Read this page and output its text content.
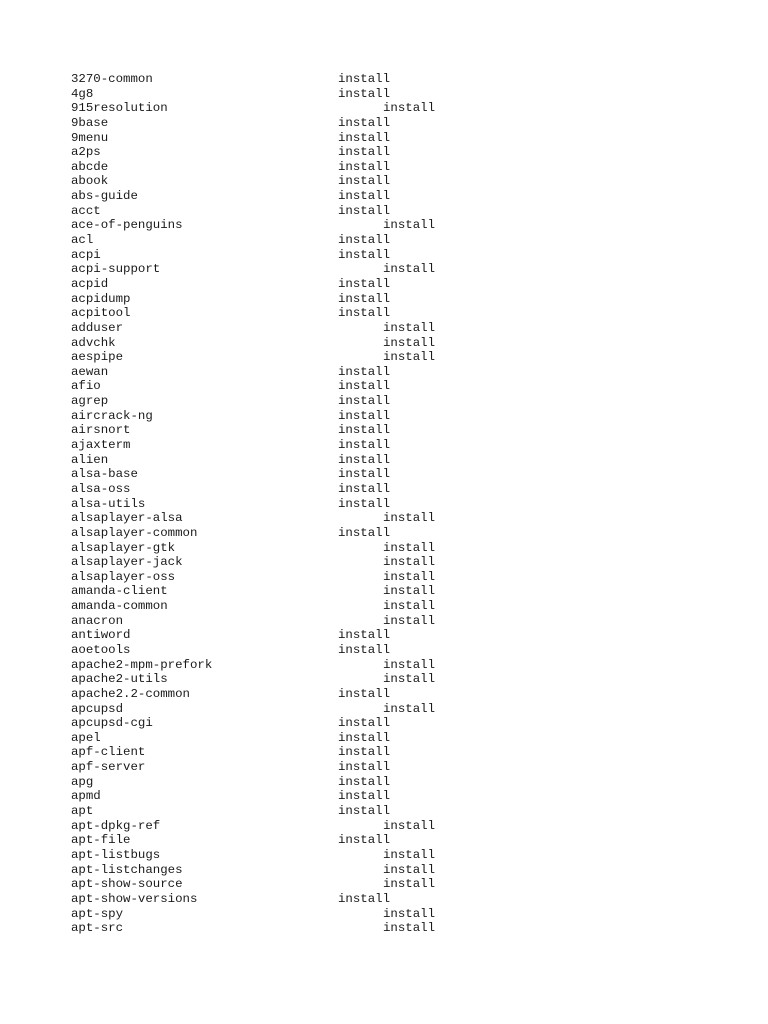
3270-common	install
4g8	install
915resolution	install
9base	install
9menu	install
a2ps	install
abcde	install
abook	install
abs-guide	install
acct	install
ace-of-penguins	install
acl	install
acpi	install
acpi-support	install
acpid	install
acpidump	install
acpitool	install
adduser	install
advchk	install
aespipe	install
aewan	install
afio	install
agrep	install
aircrack-ng	install
airsnort	install
ajaxterm	install
alien	install
alsa-base	install
alsa-oss	install
alsa-utils	install
alsaplayer-alsa	install
alsaplayer-common	install
alsaplayer-gtk	install
alsaplayer-jack	install
alsaplayer-oss	install
amanda-client	install
amanda-common	install
anacron	install
antiword	install
aoetools	install
apache2-mpm-prefork	install
apache2-utils	install
apache2.2-common	install
apcupsd	install
apcupsd-cgi	install
apel	install
apf-client	install
apf-server	install
apg	install
apmd	install
apt	install
apt-dpkg-ref	install
apt-file	install
apt-listbugs	install
apt-listchanges	install
apt-show-source	install
apt-show-versions	install
apt-spy	install
apt-src	install
